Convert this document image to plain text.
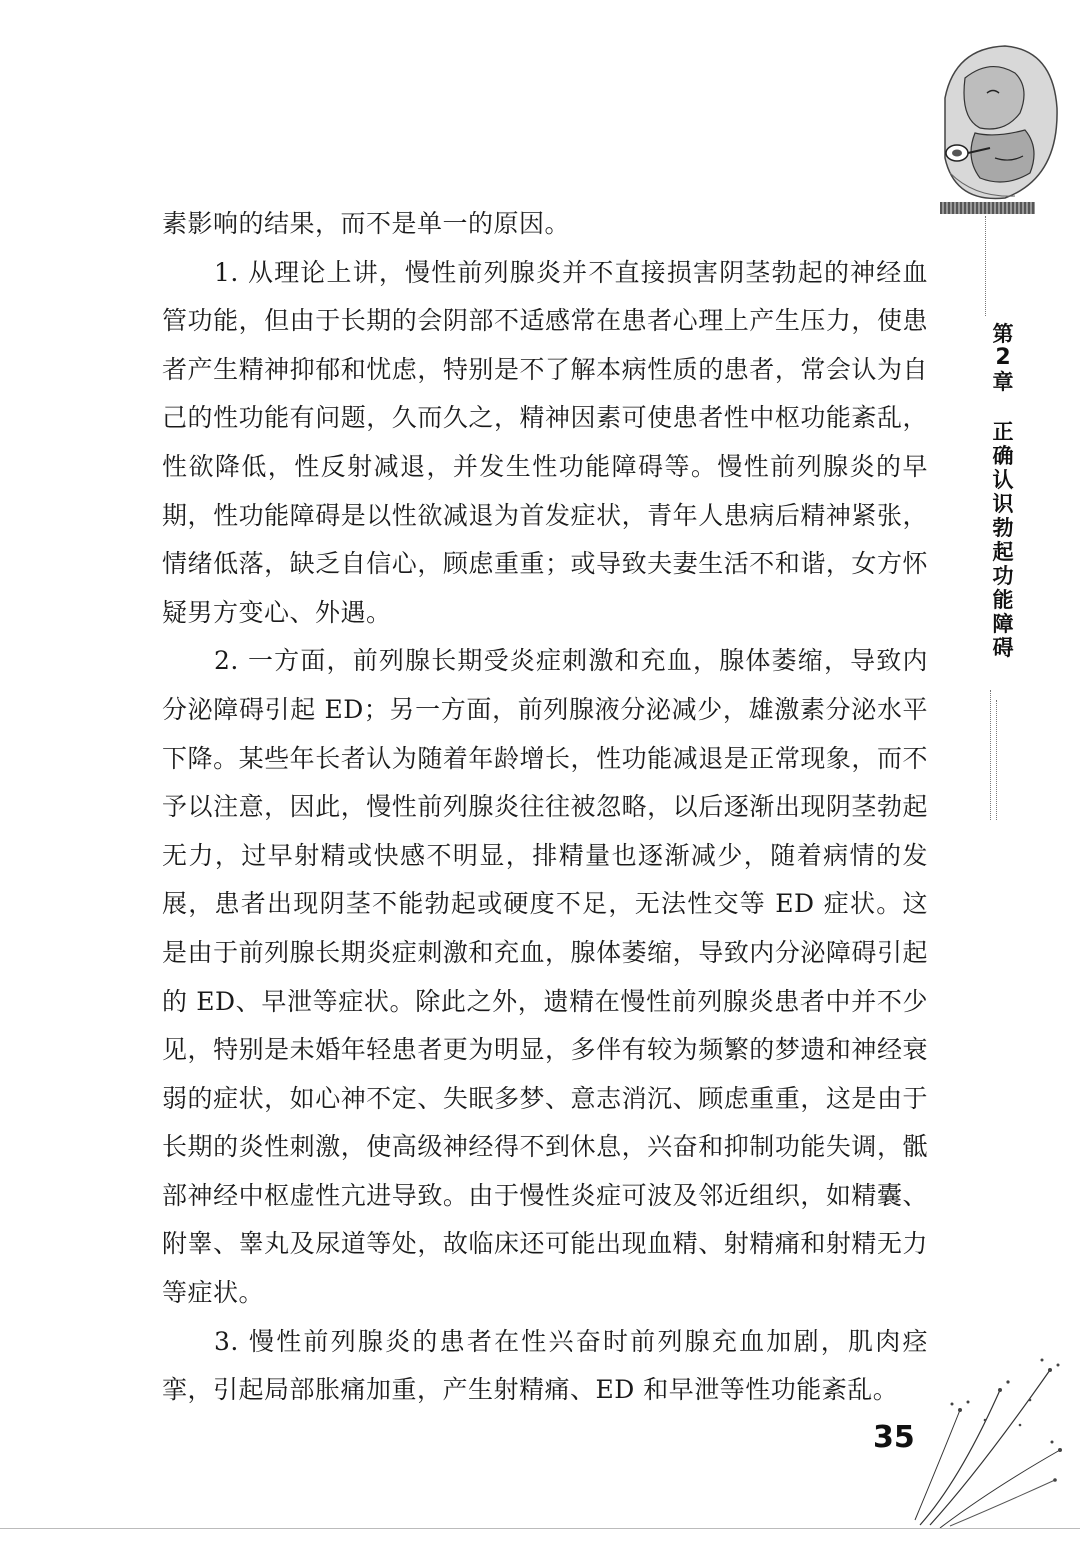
第
2
章
正确认识勃起功能障碍

素影响的结果，而不是单一的原因。

1. 从理论上讲，慢性前列腺炎并不直接损害阴茎勃起的神经血管功能，但由于长期的会阴部不适感常在患者心理上产生压力，使患者产生精神抑郁和忧虑，特别是不了解本病性质的患者，常会认为自己的性功能有问题，久而久之，精神因素可使患者性中枢功能紊乱，性欲降低，性反射减退，并发生性功能障碍等。慢性前列腺炎的早期，性功能障碍是以性欲减退为首发症状，青年人患病后精神紧张，情绪低落，缺乏自信心，顾虑重重；或导致夫妻生活不和谐，女方怀疑男方变心、外遇。

2. 一方面，前列腺长期受炎症刺激和充血，腺体萎缩，导致内分泌障碍引起 ED；另一方面，前列腺液分泌减少，雄激素分泌水平下降。某些年长者认为随着年龄增长，性功能减退是正常现象，而不予以注意，因此，慢性前列腺炎往往被忽略，以后逐渐出现阴茎勃起无力，过早射精或快感不明显，排精量也逐渐减少，随着病情的发展，患者出现阴茎不能勃起或硬度不足，无法性交等 ED 症状。这是由于前列腺长期炎症刺激和充血，腺体萎缩，导致内分泌障碍引起的 ED、早泄等症状。除此之外，遗精在慢性前列腺炎患者中并不少见，特别是未婚年轻患者更为明显，多伴有较为频繁的梦遗和神经衰弱的症状，如心神不定、失眠多梦、意志消沉、顾虑重重，这是由于长期的炎性刺激，使高级神经得不到休息，兴奋和抑制功能失调，骶部神经中枢虚性亢进导致。由于慢性炎症可波及邻近组织，如精囊、附睾、睾丸及尿道等处，故临床还可能出现血精、射精痛和射精无力等症状。

3. 慢性前列腺炎的患者在性兴奋时前列腺充血加剧，肌肉痉挛，引起局部胀痛加重，产生射精痛、ED 和早泄等性功能紊乱。

35
